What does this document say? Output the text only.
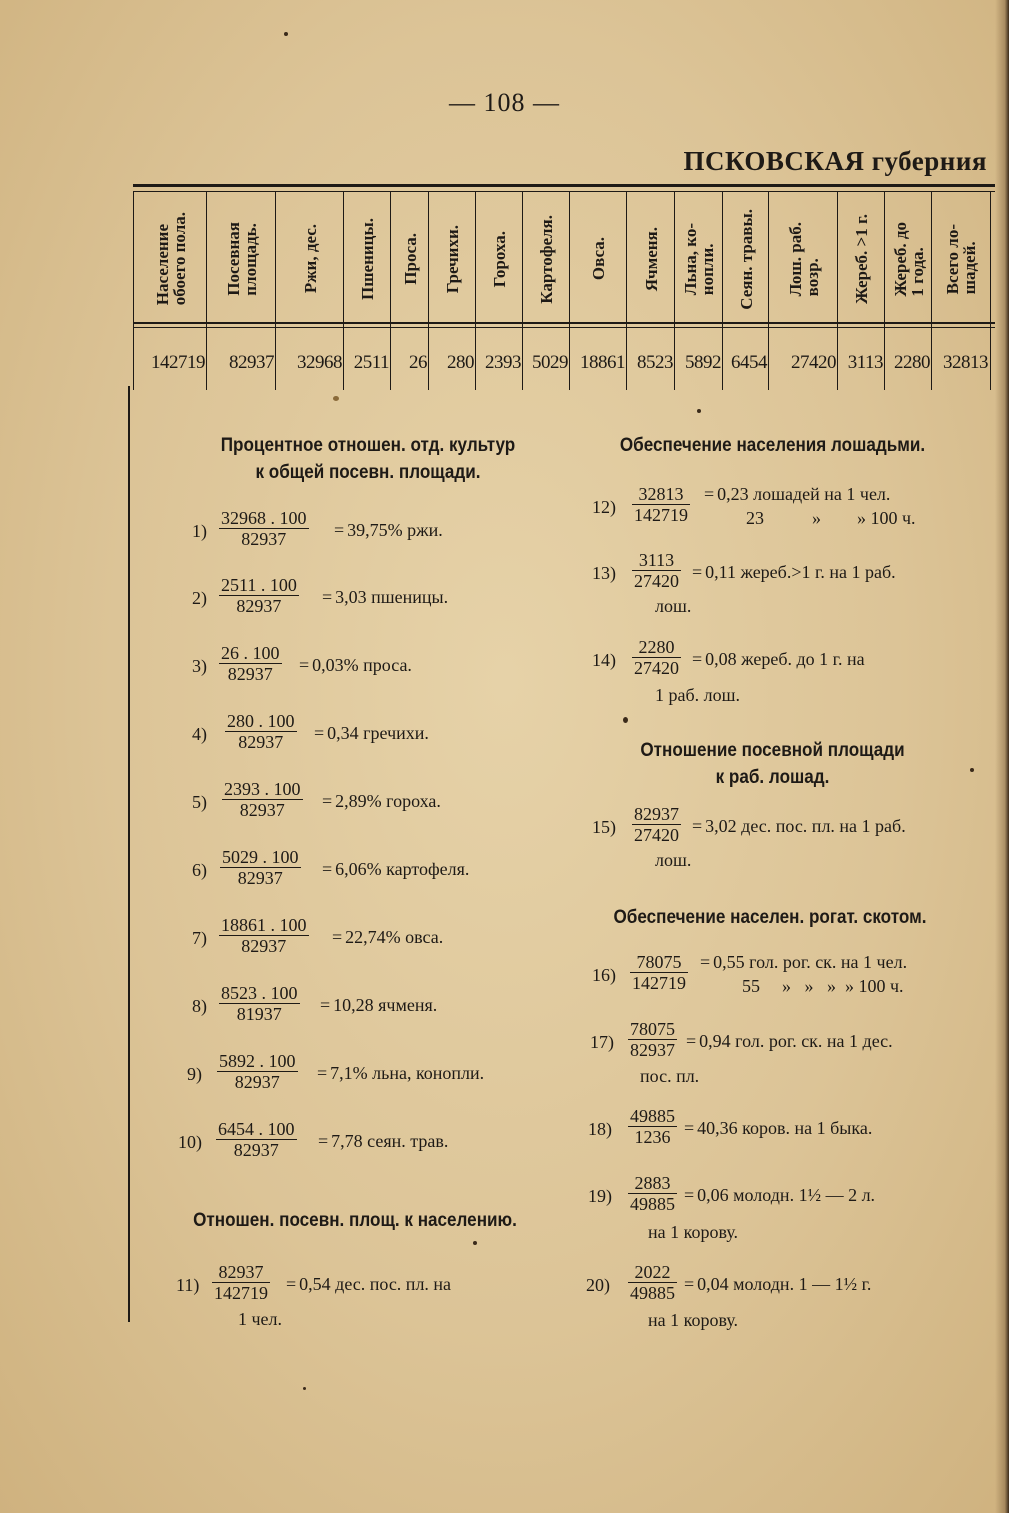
— 108 —
ПСКОВСКАЯ губерния
Население
обоего пола.
142719
Посевная
площадь.
82937
Ржи, дес.
32968
Пшеницы.
2511
Проса.
26
Гречихи.
280
Гороха.
2393
Картофеля.
5029
Овса.
18861
Ячменя.
8523
Льна, ко-
нопли.
5892
Сеян. травы.
6454
Лош. раб.
возр.
27420
Жереб. >1 г.
3113
Жереб. до
1 года.
2280
Всего ло-
шадей.
32813
Процентное отношен. отд. культур
к общей посевн. площади.
$1) \frac{32968 . 100}{82937} = 39,75\%$ ржи.
$2) \frac{2511 . 100}{82937} = 3,03$ пшеницы.
$3) \frac{26 . 100}{82937} = 0,03\%$ проса.
$4) \frac{280 . 100}{82937} = 0,34$ гречихи.
$5) \frac{2393 . 100}{82937} = 2,89\%$ гороха.
$6) \frac{5029 . 100}{82937} = 6,06\%$ картофеля.
$7) \frac{18861 . 100}{82937} = 22,74\%$ овса.
$8) \frac{8523 . 100}{81937} = 10,28$ ячменя.
$9) \frac{5892 . 100}{82937} = 7,1\%$ льна, конопли.
$10) \frac{6454 . 100}{82937} = 7,78$ сеян. трав.
Отношен. посевн. площ. к населению.
$11) \frac{82937}{142719} = 0,54$ дес. пос. пл. на
1 чел.
Обеспечение населения лошадьми.
$12) \frac{32813}{142719} = 0,23$ лошадей на 1 чел.
23	»        » 100 ч.
$13) \frac{3113}{27420} = 0,11$ жереб.>1 г. на 1 раб.
лош.
$14) \frac{2280}{27420} = 0,08$ жереб. до 1 г. на
1 раб. лош.
Отношение посевной площади
к раб. лошад.
$15) \frac{82937}{27420} = 3,02$ дес. пос. пл. на 1 раб.
лош.
Обеспечение населен. рогат. скотом.
$16) \frac{78075}{142719} = 0,55$ гол. рог. ск. на 1 чел.
55 »   »   »  » 100 ч.
$17) \frac{78075}{82937} = 0,94$ гол. рог. ск. на 1 дес.
пос. пл.
$18) \frac{49885}{1236} = 40,36$ коров. на 1 быка.
$19) \frac{2883}{49885} = 0,06$ молодн. 1½ — 2 л.
на 1 корову.
$20) \frac{2022}{49885} = 0,04$ молодн. 1 — 1½ г.
на 1 корову.
